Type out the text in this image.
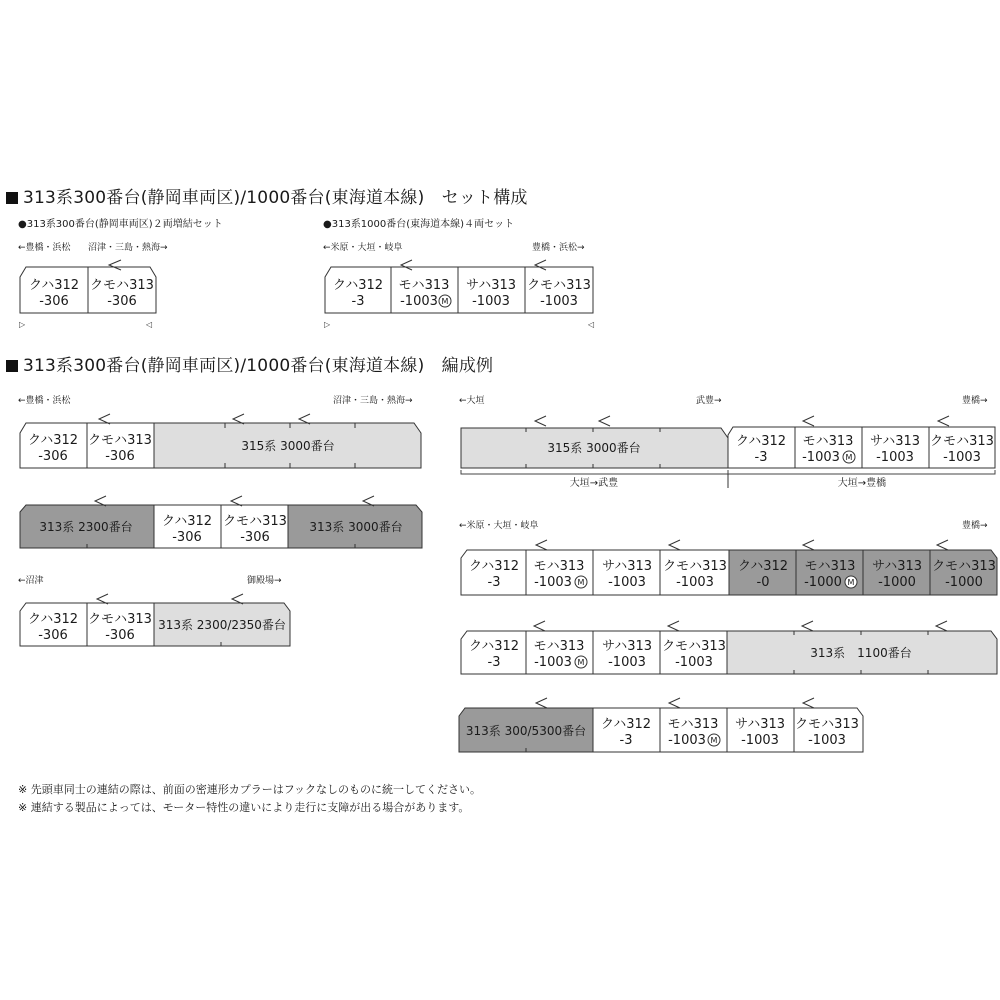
313系300番台(静岡車両区)/1000番台(東海道本線)　セット構成
●313系300番台(静岡車両区)２両増結セット
←豊橋・浜松 沼津・三島・熱海→
クハ312
-306
クモハ313
-306
▷	◁
●313系1000番台(東海道本線)４両セット
←米原・大垣・岐阜	豊橋・浜松→
クハ312
-3
モハ313
-1003 M
サハ313
-1003
クモハ313
-1003
▷	◁
313系300番台(静岡車両区)/1000番台(東海道本線)　編成例
←豊橋・浜松	沼津・三島・熱海→
クハ312
-306
クモハ313
-306
315系 3000番台
313系 2300番台 クハ312
-306
クモハ313
-306
313系 3000番台
←沼津	御殿場→
クハ312
-306
クモハ313
-306
313系 2300/2350番台
←大垣	武豊→	豊橋→
315系 3000番台	クハ312
-3
モハ313
-1003 M
サハ313
-1003
クモハ313
-1003
大垣→武豊	大垣→豊橋
←米原・大垣・岐阜	豊橋→
クハ312
-3
モハ313
-1003 M
サハ313
-1003
クモハ313
-1003
クハ312
-0
モハ313
-1000 M
サハ313
-1000
クモハ313
-1000
クハ312
-3
モハ313
-1003 M
サハ313
-1003
クモハ313
-1003
313系　1100番台
313系 300/5300番台 クハ312
-3
モハ313
-1003 M
サハ313
-1003
クモハ313
-1003
※ 先頭車同士の連結の際は、前面の密連形カプラーはフックなしのものに統一してください。
※ 連結する製品によっては、モーター特性の違いにより走行に支障が出る場合があります。
